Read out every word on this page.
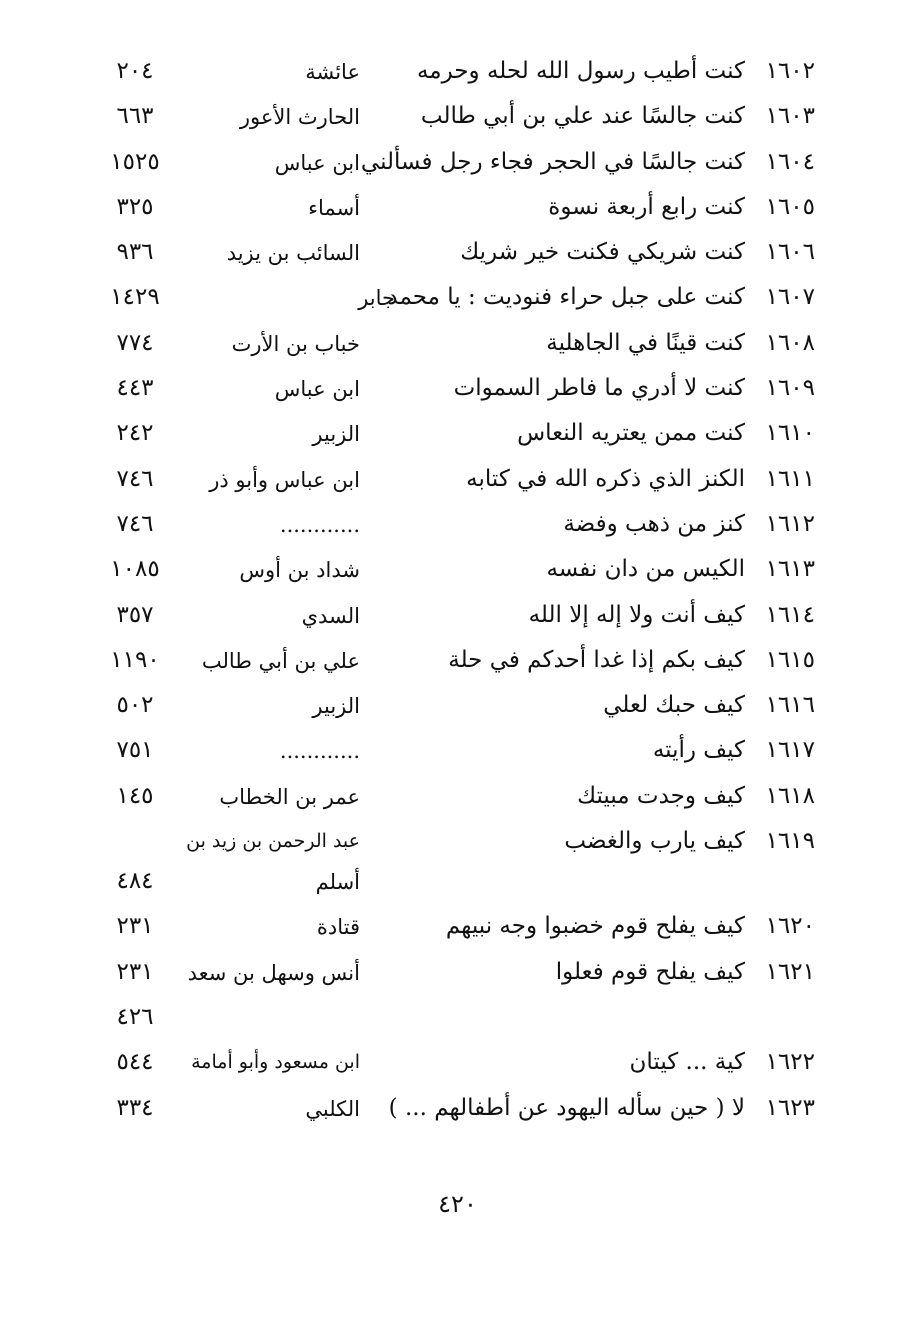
١٦٠٢
كنت أطيب رسول الله لحله وحرمه
عائشة
٢٠٤
١٦٠٣
كنت جالسًا عند علي بن أبي طالب
الحارث الأعور
٦٦٣
١٦٠٤
كنت جالسًا في الحجر فجاء رجل فسألني
ابن عباس
١٥٢٥
١٦٠٥
كنت رابع أربعة نسوة
أسماء
٣٢٥
١٦٠٦
كنت شريكي فكنت خير شريك
السائب بن يزيد
٩٣٦
١٦٠٧
كنت على جبل حراء فنوديت : يا محمد
جابر
١٤٢٩
١٦٠٨
كنت قينًا في الجاهلية
خباب بن الأرت
٧٧٤
١٦٠٩
كنت لا أدري ما فاطر السموات
ابن عباس
٤٤٣
١٦١٠
كنت ممن يعتريه النعاس
الزبير
٢٤٢
١٦١١
الكنز الذي ذكره الله في كتابه
ابن عباس وأبو ذر
٧٤٦
١٦١٢
كنز من ذهب وفضة
............
٧٤٦
١٦١٣
الكيس من دان نفسه
شداد بن أوس
١٠٨٥
١٦١٤
كيف أنت ولا إله إلا الله
السدي
٣٥٧
١٦١٥
كيف بكم إذا غدا أحدكم في حلة
علي بن أبي طالب
١١٩٠
١٦١٦
كيف حبك لعلي
الزبير
٥٠٢
١٦١٧
كيف رأيته
............
٧٥١
١٦١٨
كيف وجدت مبيتك
عمر بن الخطاب
١٤٥
١٦١٩
كيف يارب والغضب
عبد الرحمن بن زيد بن
أسلم
٤٨٤
١٦٢٠
كيف يفلح قوم خضبوا وجه نبيهم
قتادة
٢٣١
١٦٢١
كيف يفلح قوم فعلوا
أنس وسهل بن سعد
٢٣١
٤٢٦
١٦٢٢
كية ... كيتان
ابن مسعود وأبو أمامة
٥٤٤
١٦٢٣
لا ( حين سأله اليهود عن أطفالهم ... )
الكلبي
٣٣٤
٤٢٠
